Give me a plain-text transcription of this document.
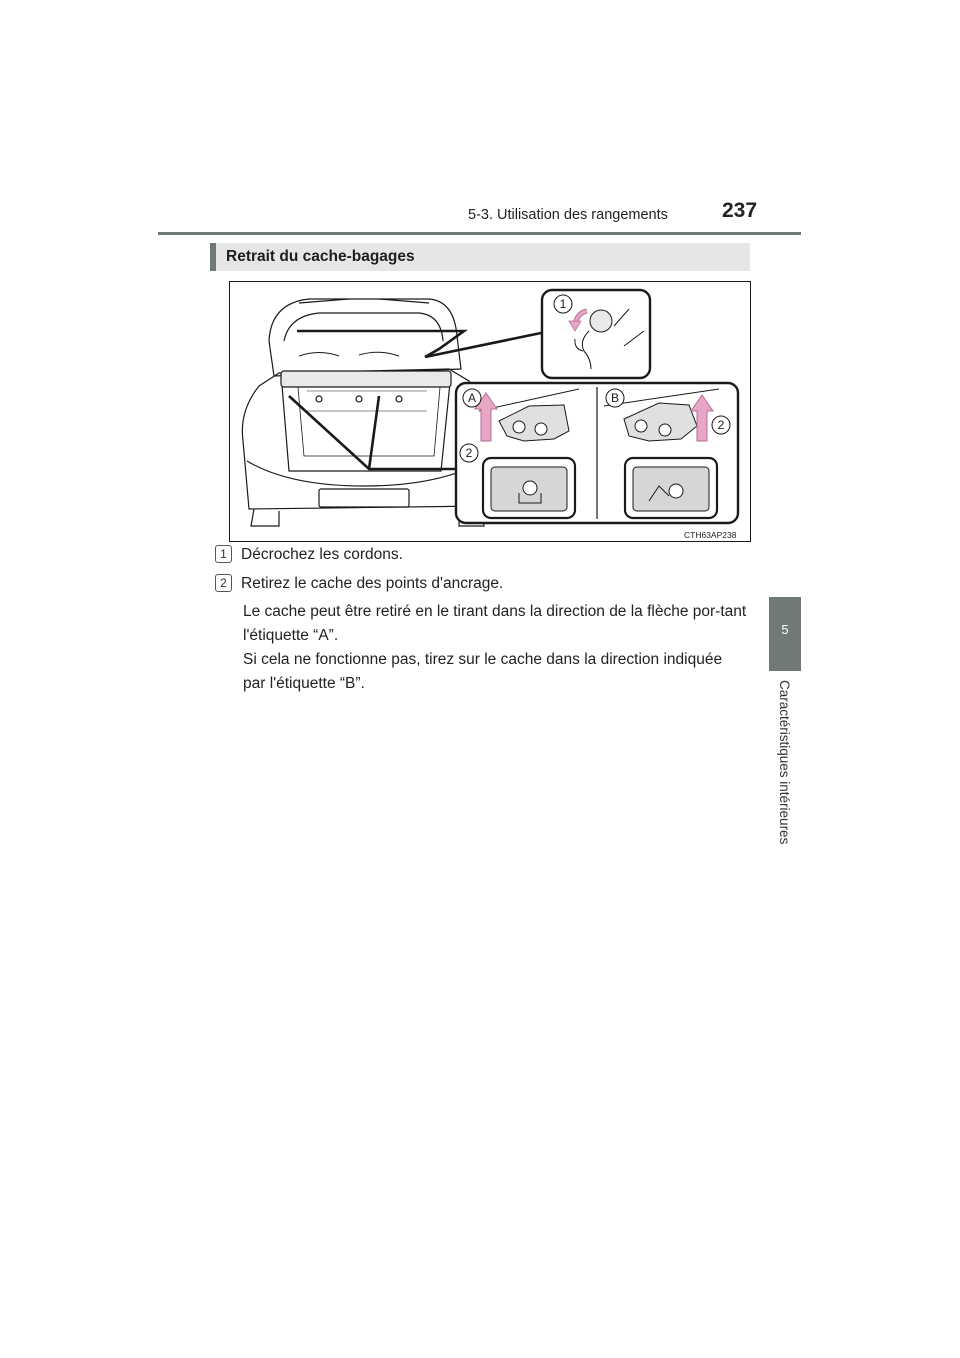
5-3. Utilisation des rangements	237
5
Caractéristiques intérieures
Retrait du cache-bagages
1
A
2
B
2
CTH63AP238
1 Décrochez les cordons.
2 Retirez le cache des points d'ancrage.
Le cache peut être retiré en le tirant dans la direction de la flèche por-tant l'étiquette “A”.
Si cela ne fonctionne pas, tirez sur le cache dans la direction indiquée par l'étiquette “B”.
